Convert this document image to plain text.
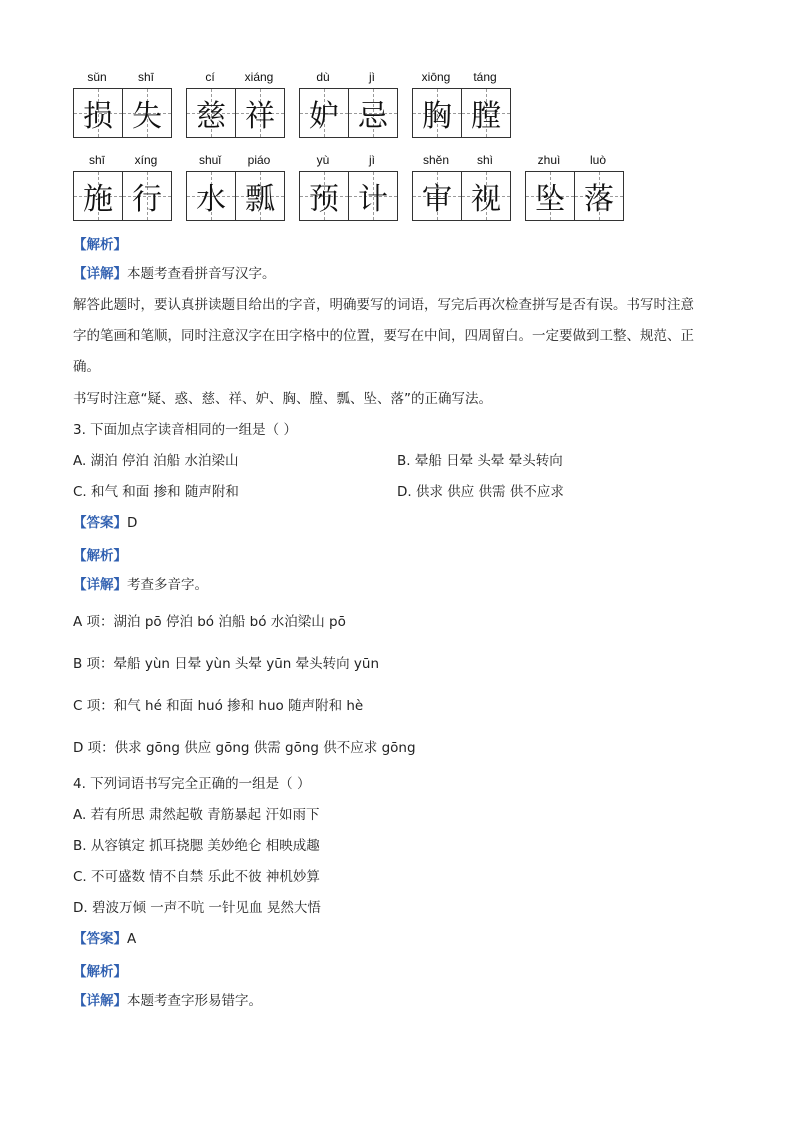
sǔn	shī
损 失
cí	xiáng
慈 祥
dù	jì
妒 忌
xiōng	táng
胸 膛
shī	xíng
施 行
shuǐ	piáo
水 瓢
yù	jì
预 计
shěn	shì
审 视
zhuì	luò
坠 落
【解析】
【详解】本题考查看拼音写汉字。
解答此题时，要认真拼读题目给出的字音，明确要写的词语，写完后再次检查拼写是否有误。书写时注意
字的笔画和笔顺，同时注意汉字在田字格中的位置，要写在中间，四周留白。一定要做到工整、规范、正
确。
书写时注意“疑、惑、慈、祥、妒、胸、膛、瓢、坠、落”的正确写法。
3. 下面加点字读音相同的一组是（ ）
A. 湖泊 停泊 泊船 水泊梁山	B. 晕船 日晕 头晕 晕头转向
C. 和气 和面 掺和 随声附和	D. 供求 供应 供需 供不应求
【答案】D
【解析】
【详解】考查多音字。
A 项：湖泊 pō 停泊 bó 泊船 bó 水泊梁山 pō
B 项：晕船 yùn 日晕 yùn 头晕 yūn 晕头转向 yūn
C 项：和气 hé 和面 huó 掺和 huo 随声附和 hè
D 项：供求 gōng 供应 gōng 供需 gōng 供不应求 gōng
4. 下列词语书写完全正确的一组是（ ）
A. 若有所思 肃然起敬 青筋暴起 汗如雨下
B. 从容镇定 抓耳挠腮 美妙绝仑 相映成趣
C. 不可盛数 情不自禁 乐此不彼 神机妙算
D. 碧波万倾 一声不吭 一针见血 晃然大悟
【答案】A
【解析】
【详解】本题考查字形易错字。
